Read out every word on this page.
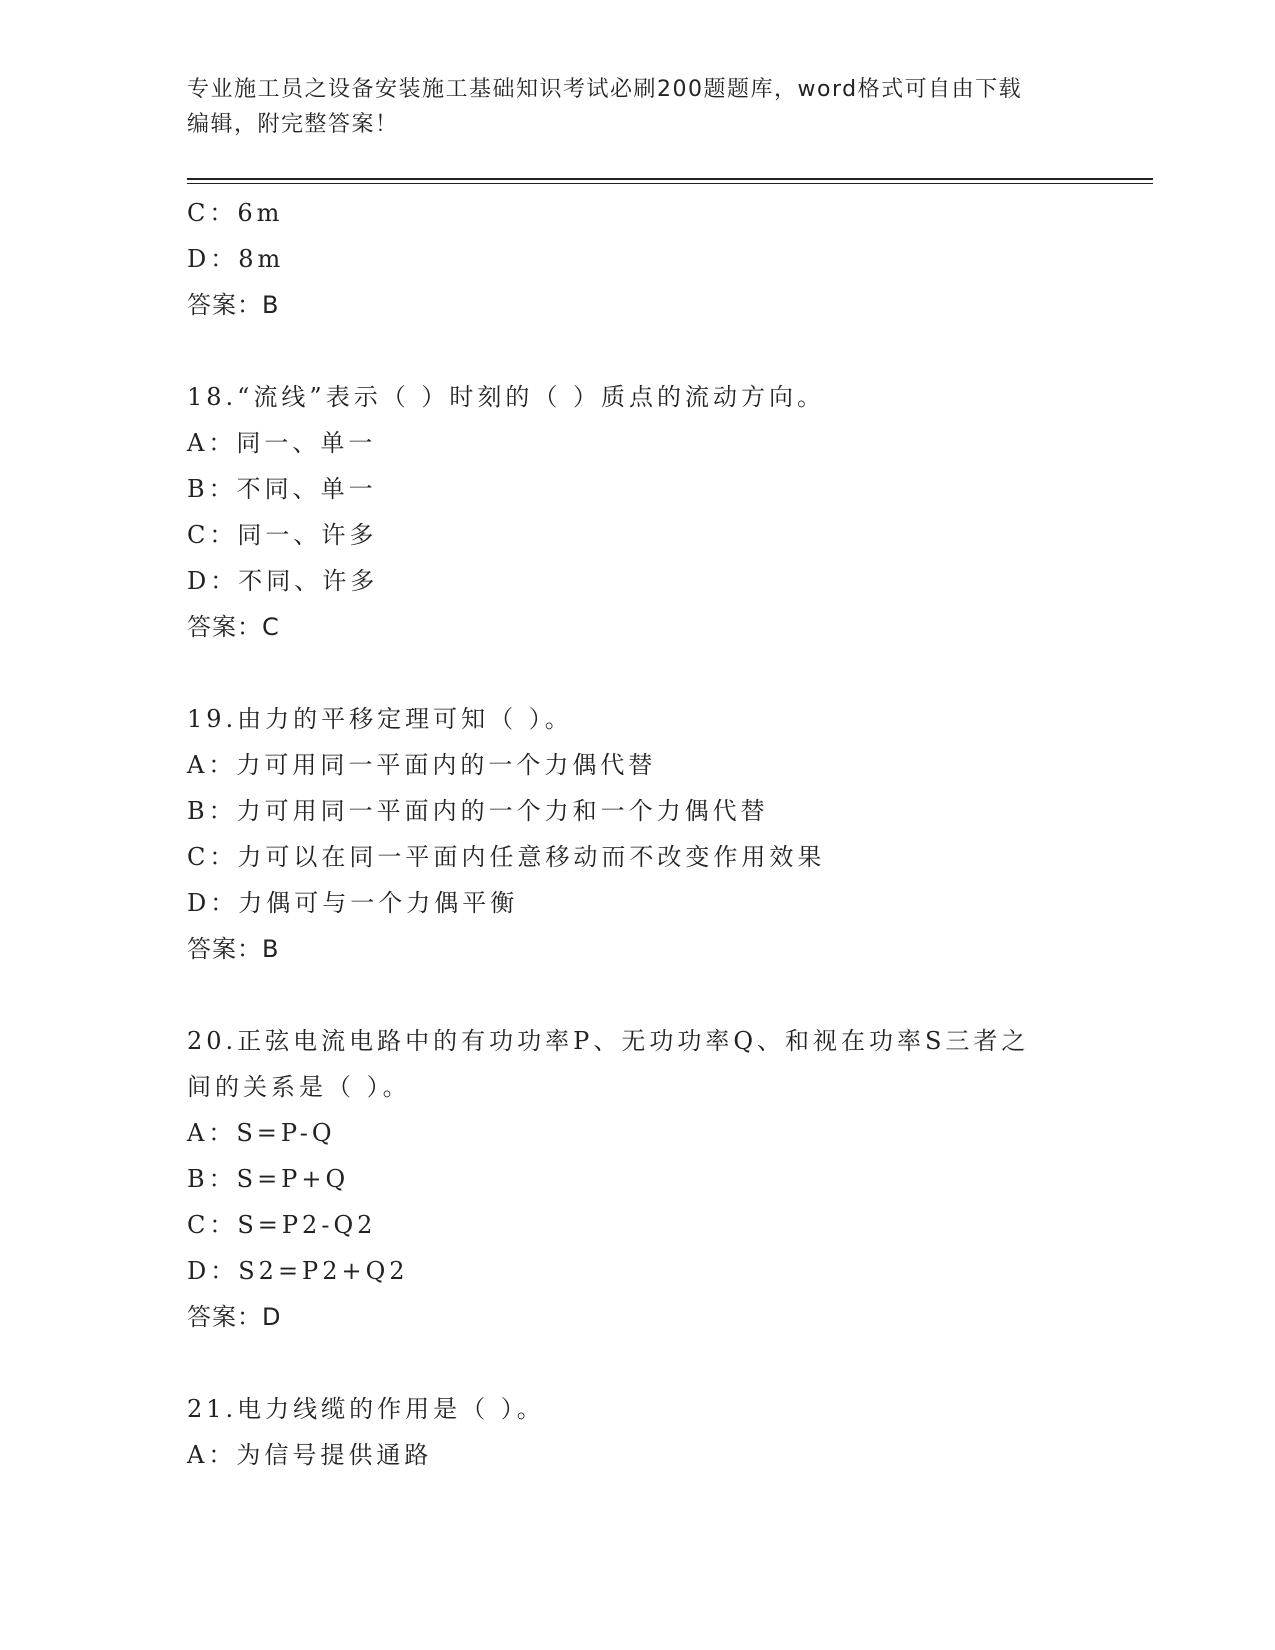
专业施工员之设备安装施工基础知识考试必刷200题题库，word格式可自由下载
编辑，附完整答案！
C：6m
D：8m
答案：B
18.“流线”表示（ ）时刻的（ ）质点的流动方向。
A：同一、单一
B：不同、单一
C：同一、许多
D：不同、许多
答案：C
19.由力的平移定理可知（ ）。
A：力可用同一平面内的一个力偶代替
B：力可用同一平面内的一个力和一个力偶代替
C：力可以在同一平面内任意移动而不改变作用效果
D：力偶可与一个力偶平衡
答案：B
20.正弦电流电路中的有功功率P、无功功率Q、和视在功率S三者之
间的关系是（ ）。
A：S=P-Q
B：S=P+Q
C：S=P2-Q2
D：S2=P2+Q2
答案：D
21.电力线缆的作用是（ ）。
A：为信号提供通路
